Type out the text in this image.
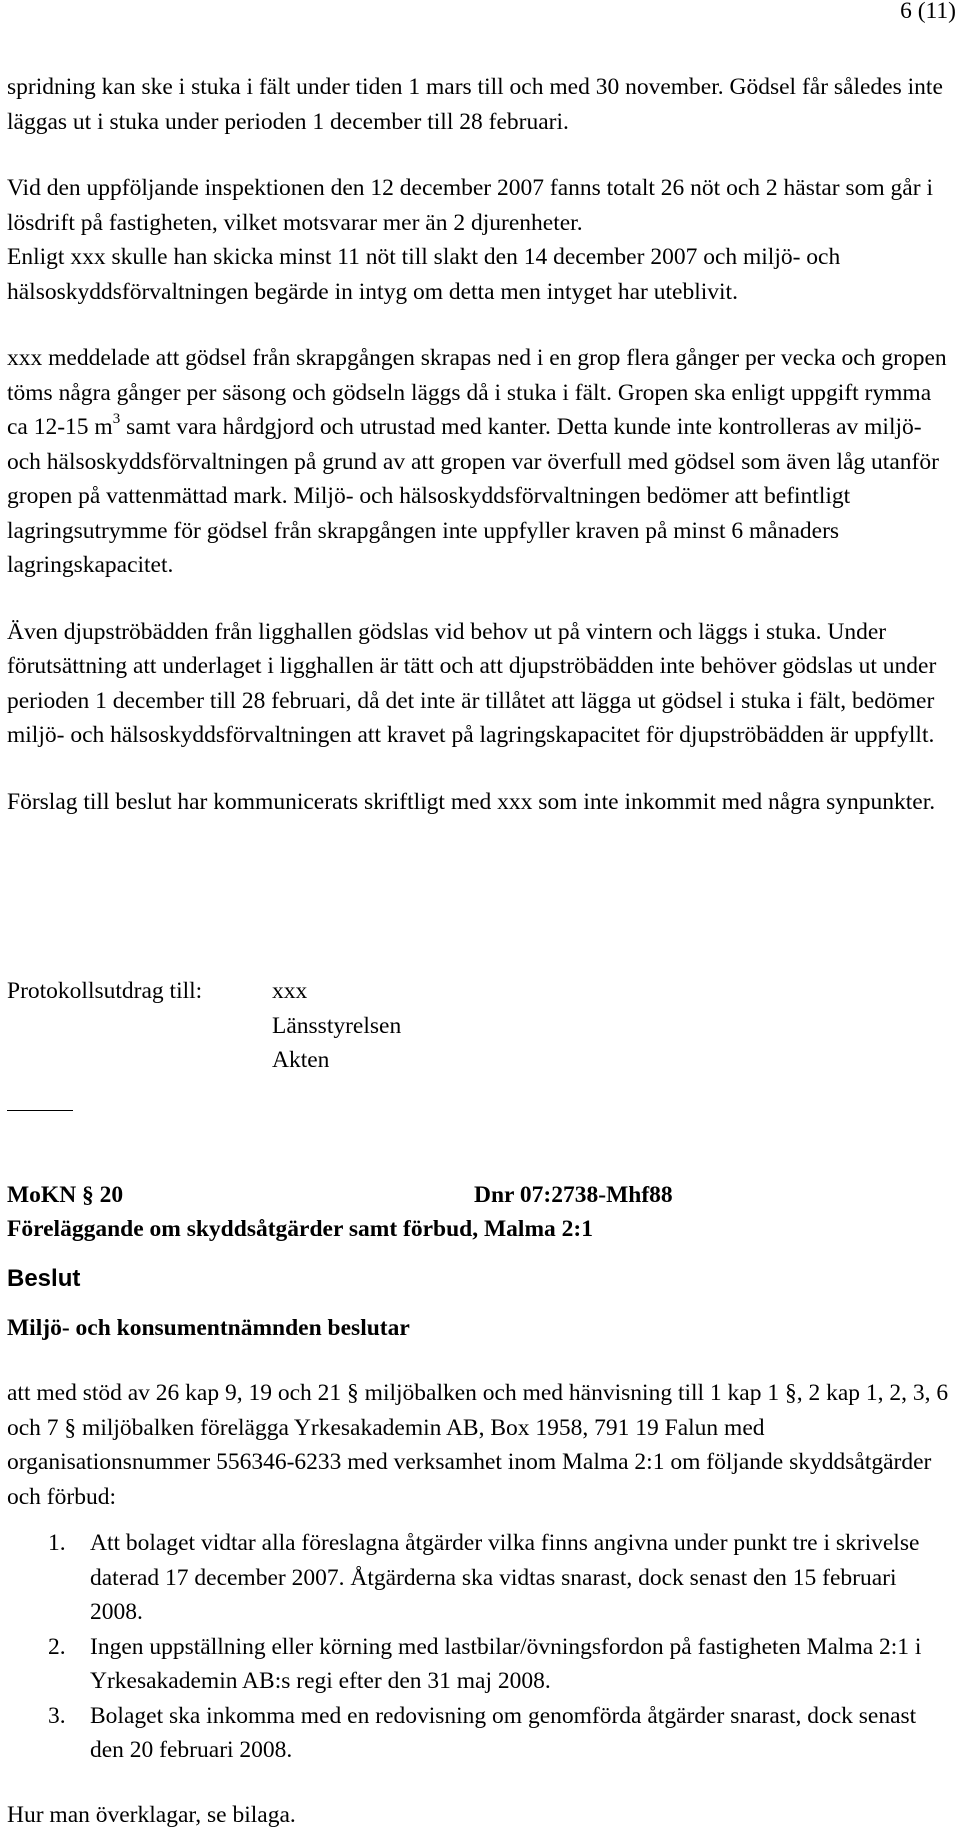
6 (11)

spridning kan ske i stuka i fält under tiden 1 mars till och med 30 november. Gödsel får således inte läggas ut i stuka under perioden 1 december till 28 februari.

Vid den uppföljande inspektionen den 12 december 2007 fanns totalt 26 nöt och 2 hästar som går i lösdrift på fastigheten, vilket motsvarar mer än 2 djurenheter.

Enligt xxx skulle han skicka minst 11 nöt till slakt den 14 december 2007 och miljö- och hälsoskyddsförvaltningen begärde in intyg om detta men intyget har uteblivit.

xxx meddelade att gödsel från skrapgången skrapas ned i en grop flera gånger per vecka och gropen töms några gånger per säsong och gödseln läggs då i stuka i fält. Gropen ska enligt uppgift rymma ca 12-15 $m^3$ samt vara hårdgjord och utrustad med kanter. Detta kunde inte kontrolleras av miljö- och hälsoskyddsförvaltningen på grund av att gropen var överfull med gödsel som även låg utanför gropen på vattenmättad mark. Miljö- och hälsoskyddsförvaltningen bedömer att befintligt lagringsutrymme för gödsel från skrapgången inte uppfyller kraven på minst 6 månaders lagringskapacitet.

Även djupströbädden från ligghallen gödslas vid behov ut på vintern och läggs i stuka. Under förutsättning att underlaget i ligghallen är tätt och att djupströbädden inte behöver gödslas ut under perioden 1 december till 28 februari, då det inte är tillåtet att lägga ut gödsel i stuka i fält, bedömer miljö- och hälsoskyddsförvaltningen att kravet på lagringskapacitet för djupströbädden är uppfyllt.

Förslag till beslut har kommunicerats skriftligt med xxx som inte inkommit med några synpunkter.

Protokollsutdrag till:	xxx
Länsstyrelsen
Akten
MoKN § 20	Dnr 07:2738-Mhf88
Föreläggande om skyddsåtgärder samt förbud, Malma 2:1
Beslut
Miljö- och konsumentnämnden beslutar
att med stöd av 26 kap 9, 19 och 21 § miljöbalken och med hänvisning till 1 kap 1 §, 2 kap 1, 2, 3, 6 och 7 § miljöbalken förelägga Yrkesakademin AB, Box 1958, 791 19 Falun med organisationsnummer 556346-6233 med verksamhet inom Malma 2:1 om följande skyddsåtgärder och förbud:
1. Att bolaget vidtar alla föreslagna åtgärder vilka finns angivna under punkt tre i skrivelse daterad 17 december 2007. Åtgärderna ska vidtas snarast, dock senast den 15 februari 2008.
2. Ingen uppställning eller körning med lastbilar/övningsfordon på fastigheten Malma 2:1 i Yrkesakademin AB:s regi efter den 31 maj 2008.
3. Bolaget ska inkomma med en redovisning om genomförda åtgärder snarast, dock senast den 20 februari 2008.
Hur man överklagar, se bilaga.
